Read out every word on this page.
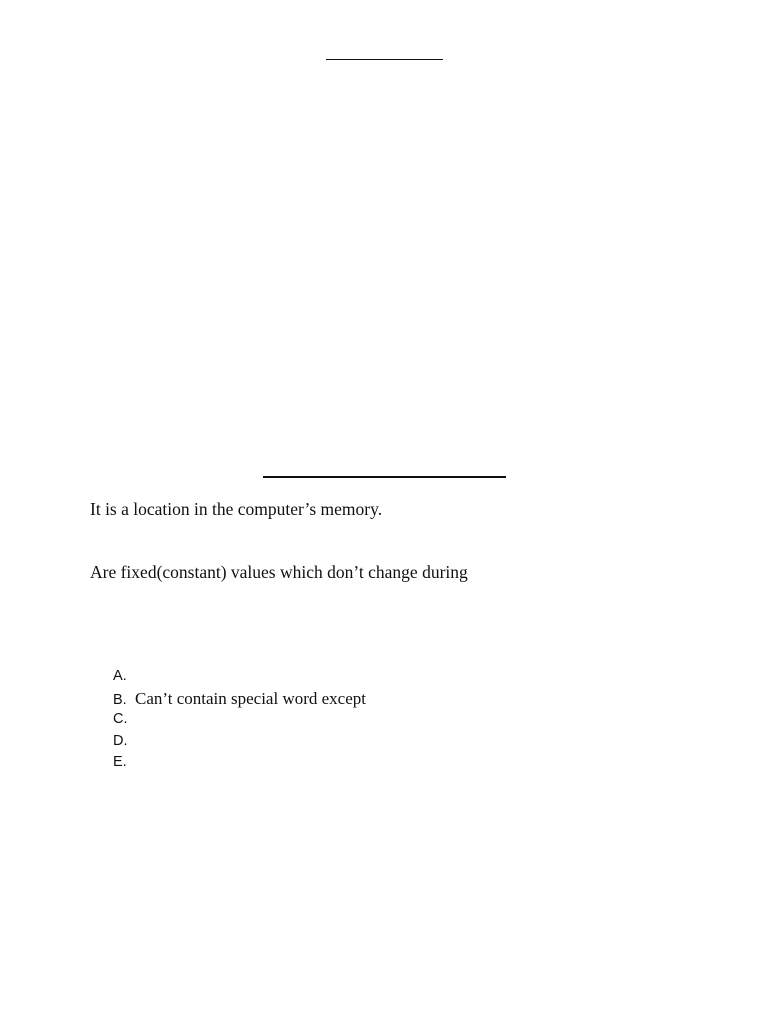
It is a location in the computer’s memory.
Are fixed(constant) values which don’t change during
A.
B. Can’t contain special word except
C.
D.
E.
